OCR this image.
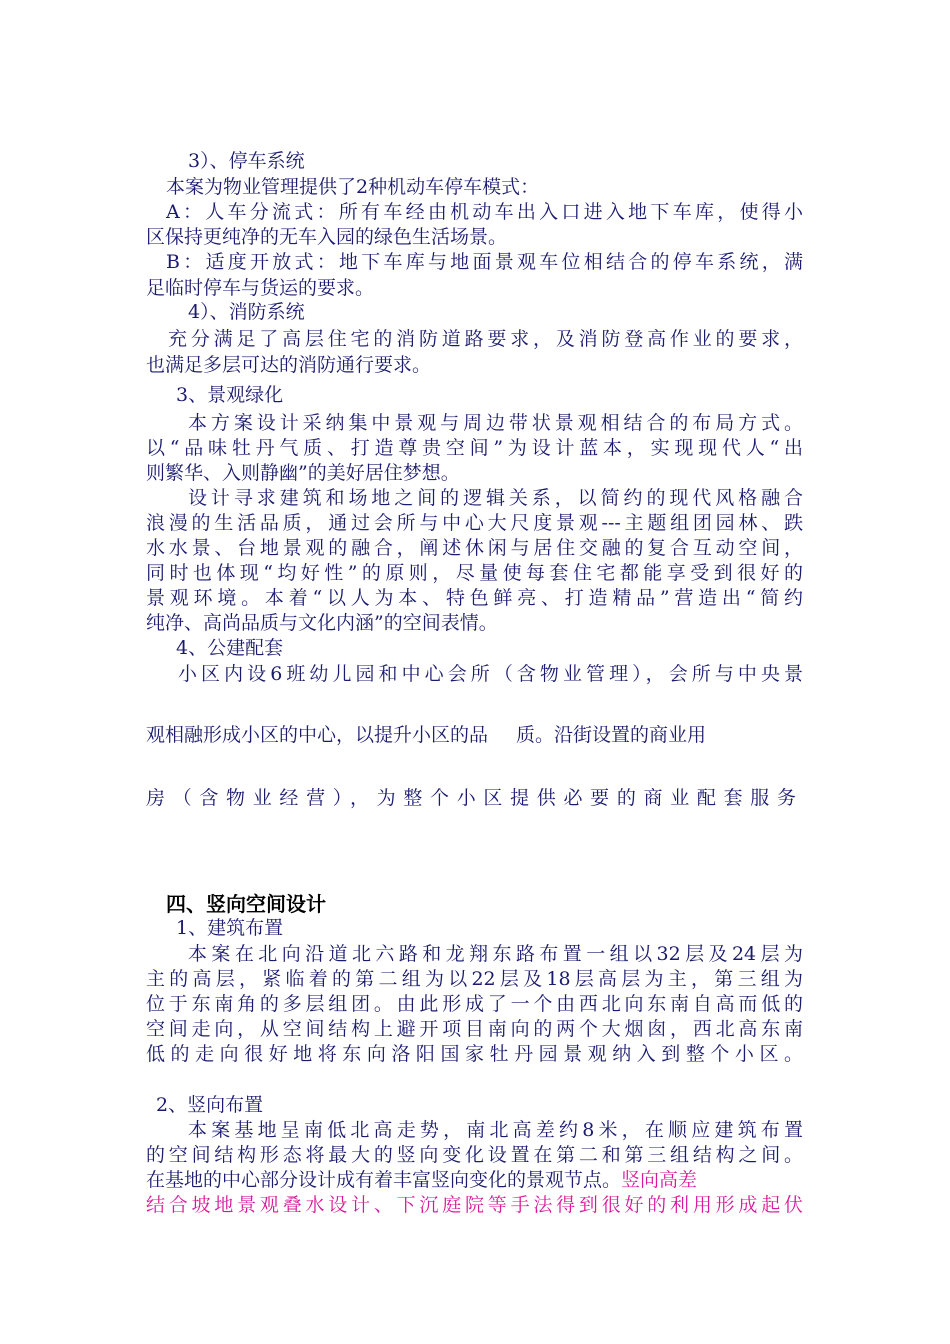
3）、停车系统
本案为物业管理提供了2种机动车停车模式：
A：人车分流式：所有车经由机动车出入口进入地下车库，使得小
区保持更纯净的无车入园的绿色生活场景。
B：适度开放式：地下车库与地面景观车位相结合的停车系统，满
足临时停车与货运的要求。
4）、消防系统
充分满足了高层住宅的消防道路要求，及消防登高作业的要求，
也满足多层可达的消防通行要求。
3、景观绿化
本方案设计采纳集中景观与周边带状景观相结合的布局方式。
以“品味牡丹气质、打造尊贵空间”为设计蓝本，实现现代人“出
则繁华、入则静幽”的美好居住梦想。
设计寻求建筑和场地之间的逻辑关系，以简约的现代风格融合
浪漫的生活品质，通过会所与中心大尺度景观---主题组团园林、跌
水水景、台地景观的融合，阐述休闲与居住交融的复合互动空间，
同时也体现“均好性”的原则，尽量使每套住宅都能享受到很好的
景观环境。本着“以人为本、特色鲜亮、打造精品”营造出“简约
纯净、高尚品质与文化内涵”的空间表情。
4、公建配套
小区内设6班幼儿园和中心会所（含物业管理），会所与中央景
观相融形成小区的中心，以提升小区的品 质。沿街设置的商业用
房（含物业经营），为整个小区提供必要的商业配套服务
四、竖向空间设计
1、建筑布置
本案在北向沿道北六路和龙翔东路布置一组以32层及24层为
主的高层，紧临着的第二组为以22层及18层高层为主，第三组为
位于东南角的多层组团。由此形成了一个由西北向东南自高而低的
空间走向，从空间结构上避开项目南向的两个大烟囱，西北高东南
低的走向很好地将东向洛阳国家牡丹园景观纳入到整个小区。
2、竖向布置
本案基地呈南低北高走势，南北高差约8米，在顺应建筑布置
的空间结构形态将最大的竖向变化设置在第二和第三组结构之间。
在基地的中心部分设计成有着丰富竖向变化的景观节点。竖向高差
结合坡地景观叠水设计、下沉庭院等手法得到很好的利用形成起伏
